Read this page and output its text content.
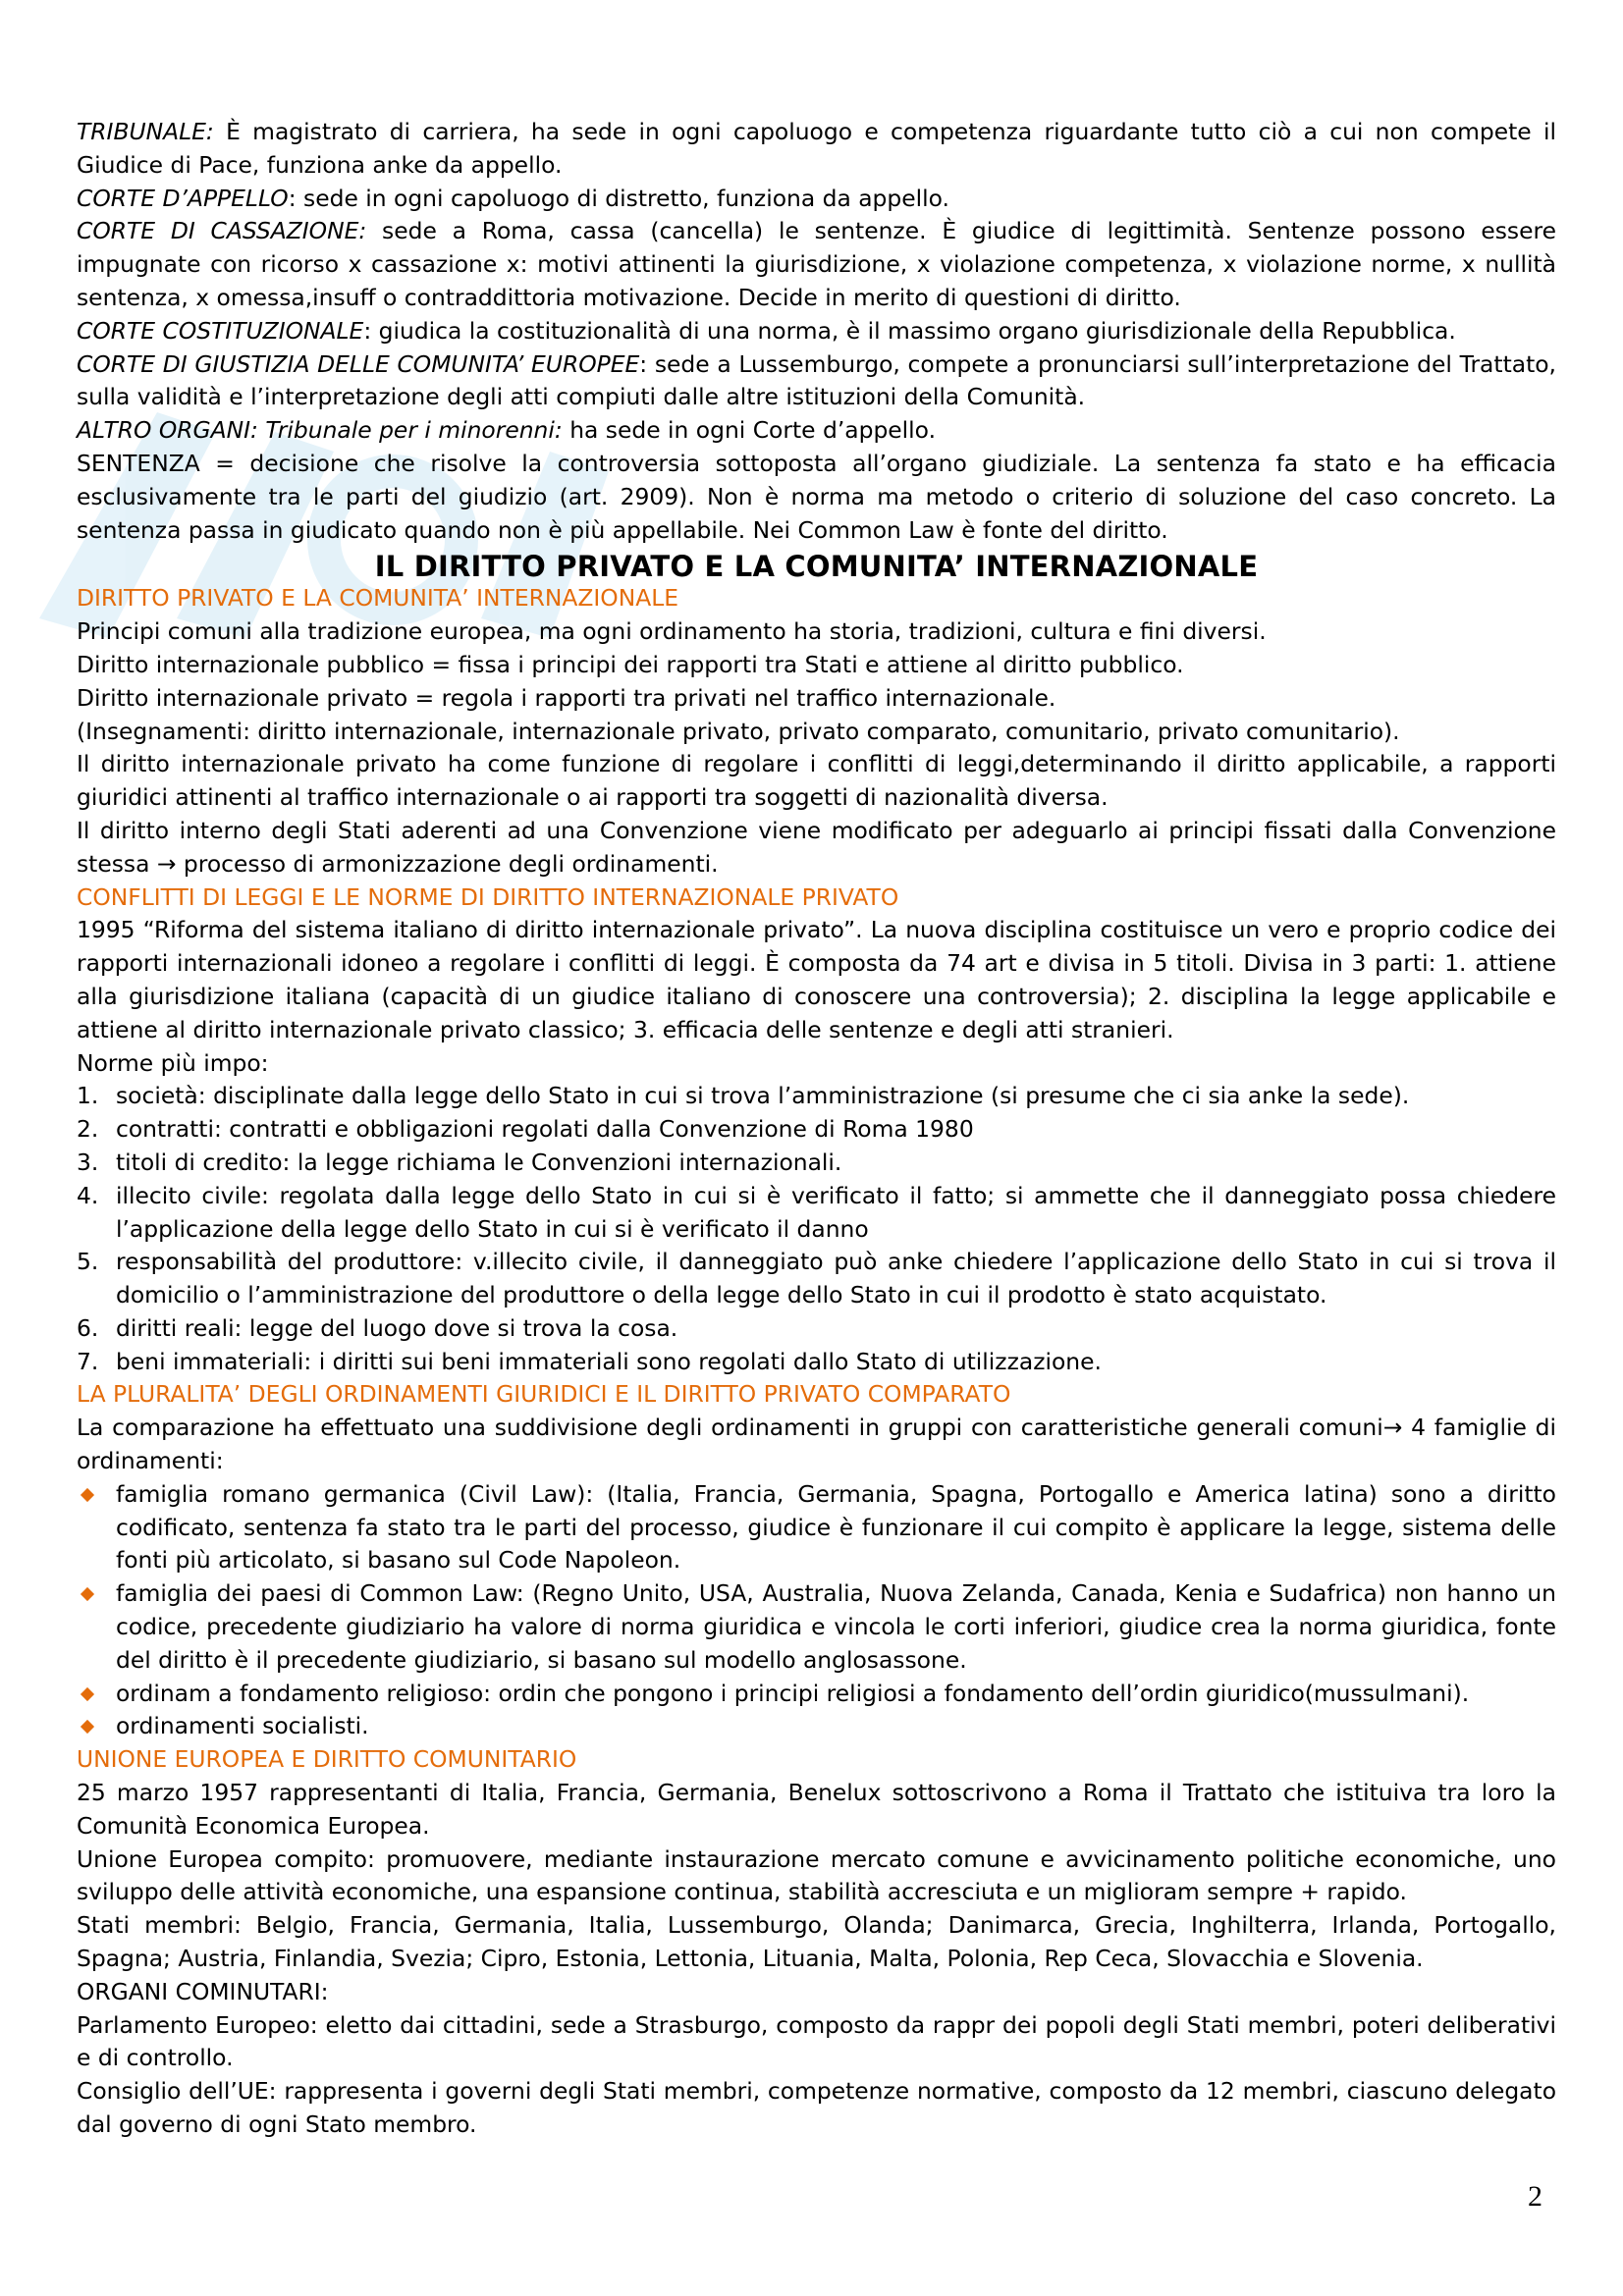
TRIBUNALE: È magistrato di carriera, ha sede in ogni capoluogo e competenza riguardante tutto ciò a cui non compete il Giudice di Pace, funziona anke da appello.

CORTE D’APPELLO: sede in ogni capoluogo di distretto, funziona da appello.

CORTE DI CASSAZIONE: sede a Roma, cassa (cancella) le sentenze. È giudice di legittimità. Sentenze possono essere impugnate con ricorso x cassazione x: motivi attinenti la giurisdizione, x violazione competenza, x violazione norme, x nullità sentenza, x omessa,insuff o contraddittoria motivazione. Decide in merito di questioni di diritto.

CORTE COSTITUZIONALE: giudica la costituzionalità di una norma, è il massimo organo giurisdizionale della Repubblica.

CORTE DI GIUSTIZIA DELLE COMUNITA’ EUROPEE: sede a Lussemburgo, compete a pronunciarsi sull’interpretazione del Trattato, sulla validità e l’interpretazione degli atti compiuti dalle altre istituzioni della Comunità.

ALTRO ORGANI: Tribunale per i minorenni: ha sede in ogni Corte d’appello.

SENTENZA = decisione che risolve la controversia sottoposta all’organo giudiziale. La sentenza fa stato e ha efficacia esclusivamente tra le parti del giudizio (art. 2909). Non è norma ma metodo o criterio di soluzione del caso concreto. La sentenza passa in giudicato quando non è più appellabile. Nei Common Law è fonte del diritto.

IL DIRITTO PRIVATO E LA COMUNITA’ INTERNAZIONALE

DIRITTO PRIVATO E LA COMUNITA’ INTERNAZIONALE

Principi comuni alla tradizione europea, ma ogni ordinamento ha storia, tradizioni, cultura e fini diversi.

Diritto internazionale pubblico = fissa i principi dei rapporti tra Stati e attiene al diritto pubblico.

Diritto internazionale privato = regola i rapporti tra privati nel traffico internazionale.

(Insegnamenti: diritto internazionale, internazionale privato, privato comparato, comunitario, privato comunitario).

Il diritto internazionale privato ha come funzione di regolare i conflitti di leggi,determinando il diritto applicabile, a rapporti giuridici attinenti al traffico internazionale o ai rapporti tra soggetti di nazionalità diversa.

Il diritto interno degli Stati aderenti ad una Convenzione viene modificato per adeguarlo ai principi fissati dalla Convenzione stessa → processo di armonizzazione degli ordinamenti.

CONFLITTI DI LEGGI E LE NORME DI DIRITTO INTERNAZIONALE PRIVATO

1995 “Riforma del sistema italiano di diritto internazionale privato”. La nuova disciplina costituisce un vero e proprio codice dei rapporti internazionali idoneo a regolare i conflitti di leggi. È composta da 74 art e divisa in 5 titoli. Divisa in 3 parti: 1. attiene alla giurisdizione italiana (capacità di un giudice italiano di conoscere una controversia); 2. disciplina la legge applicabile e attiene al diritto internazionale privato classico; 3. efficacia delle sentenze e degli atti stranieri.

Norme più impo:

1. società: disciplinate dalla legge dello Stato in cui si trova l’amministrazione (si presume che ci sia anke la sede).
2. contratti: contratti e obbligazioni regolati dalla Convenzione di Roma 1980
3. titoli di credito: la legge richiama le Convenzioni internazionali.
4. illecito civile: regolata dalla legge dello Stato in cui si è verificato il fatto; si ammette che il danneggiato possa chiedere l’applicazione della legge dello Stato in cui si è verificato il danno
5. responsabilità del produttore: v.illecito civile, il danneggiato può anke chiedere l’applicazione dello Stato in cui si trova il domicilio o l’amministrazione del produttore o della legge dello Stato in cui il prodotto è stato acquistato.
6. diritti reali: legge del luogo dove si trova la cosa.
7. beni immateriali: i diritti sui beni immateriali sono regolati dallo Stato di utilizzazione.

LA PLURALITA’ DEGLI ORDINAMENTI GIURIDICI E IL DIRITTO PRIVATO COMPARATO

La comparazione ha effettuato una suddivisione degli ordinamenti in gruppi con caratteristiche generali comuni→ 4 famiglie di ordinamenti:

famiglia romano germanica (Civil Law): (Italia, Francia, Germania, Spagna, Portogallo e America latina) sono a diritto codificato, sentenza fa stato tra le parti del processo, giudice è funzionare il cui compito è applicare la legge, sistema delle fonti più articolato, si basano sul Code Napoleon.
famiglia dei paesi di Common Law: (Regno Unito, USA, Australia, Nuova Zelanda, Canada, Kenia e Sudafrica) non hanno un codice, precedente giudiziario ha valore di norma giuridica e vincola le corti inferiori, giudice crea la norma giuridica, fonte del diritto è il precedente giudiziario, si basano sul modello anglosassone.
ordinam a fondamento religioso: ordin che pongono i principi religiosi a fondamento dell’ordin giuridico(mussulmani).
ordinamenti socialisti.

UNIONE EUROPEA E DIRITTO COMUNITARIO

25 marzo 1957 rappresentanti di Italia, Francia, Germania, Benelux sottoscrivono a Roma il Trattato che istituiva tra loro la Comunità Economica Europea.

Unione Europea compito: promuovere, mediante instaurazione mercato comune e avvicinamento politiche economiche, uno sviluppo delle attività economiche, una espansione continua, stabilità accresciuta e un miglioram sempre + rapido.

Stati membri: Belgio, Francia, Germania, Italia, Lussemburgo, Olanda; Danimarca, Grecia, Inghilterra, Irlanda, Portogallo, Spagna; Austria, Finlandia, Svezia; Cipro, Estonia, Lettonia, Lituania, Malta, Polonia, Rep Ceca, Slovacchia e Slovenia.

ORGANI COMINUTARI:

Parlamento Europeo: eletto dai cittadini, sede a Strasburgo, composto da rappr dei popoli degli Stati membri, poteri deliberativi e di controllo.

Consiglio dell’UE: rappresenta i governi degli Stati membri, competenze normative, composto da 12 membri, ciascuno delegato dal governo di ogni Stato membro.

2
